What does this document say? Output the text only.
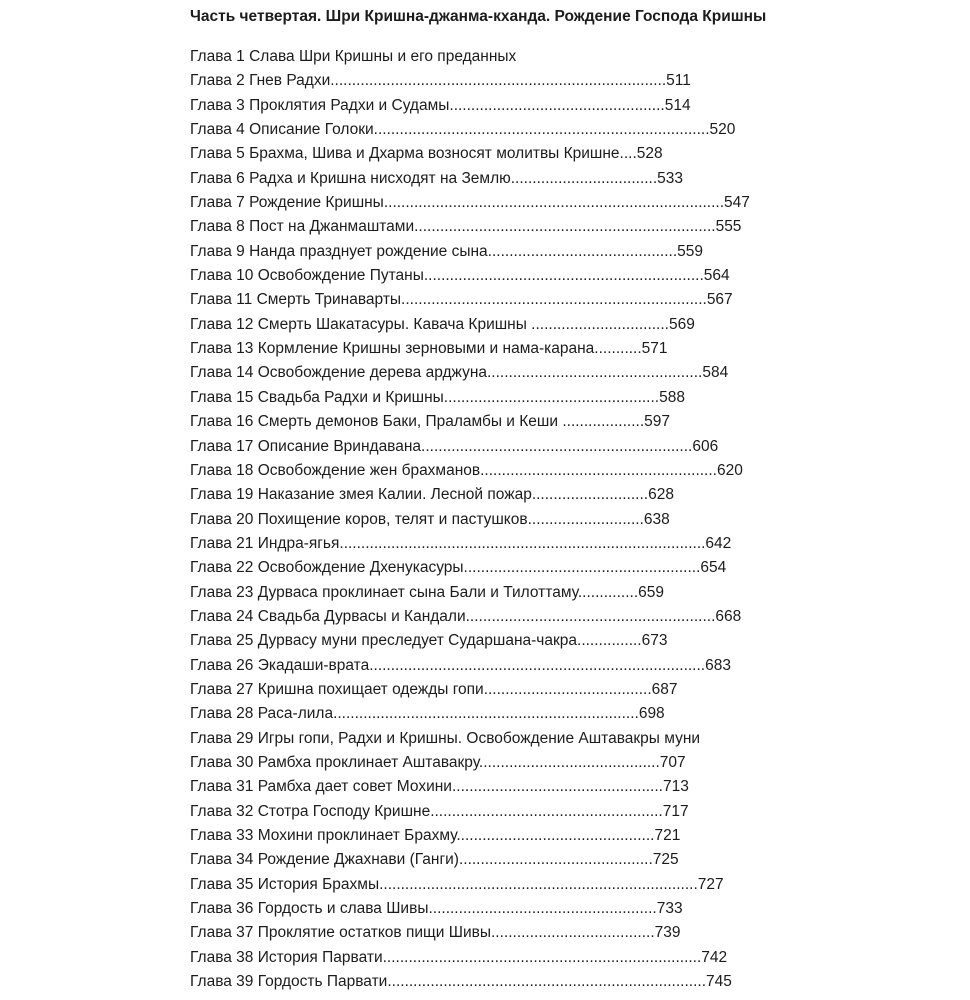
Часть четвертая. Шри Кришна-джанма-кханда. Рождение Господа Кришны
Глава 1 Слава Шри Кришны и его преданных
Глава 2 Гнев Радхи..............................................................................511
Глава 3 Проклятия Радхи и Судамы..................................................514
Глава 4 Описание Голоки..............................................................................520
Глава 5 Брахма, Шива и Дхарма возносят молитвы Кришне....528
Глава 6 Радха и Кришна нисходят на Землю..................................533
Глава 7 Рождение Кришны...............................................................................547
Глава 8 Пост на Джанмаштами......................................................................555
Глава 9 Нанда празднует рождение сына............................................559
Глава 10 Освобождение Путаны.................................................................564
Глава 11 Смерть Тринаварты.......................................................................567
Глава 12 Смерть Шакатасуры. Кавача Кришны ................................569
Глава 13 Кормление Кришны зерновыми и нама-карана...........571
Глава 14 Освобождение дерева арджуна..................................................584
Глава 15 Свадьба Радхи и Кришны..................................................588
Глава 16 Смерть демонов Баки, Праламбы и Кеши ...................597
Глава 17 Описание Вриндавана...............................................................606
Глава 18 Освобождение жен брахманов.......................................................620
Глава 19 Наказание змея Калии. Лесной пожар...........................628
Глава 20 Похищение коров, телят и пастушков...........................638
Глава 21 Индра-ягья.....................................................................................642
Глава 22 Освобождение Дхенукасуры.......................................................654
Глава 23 Дурваса проклинает сына Бали и Тилоттаму..............659
Глава 24 Свадьба Дурвасы и Кандали..........................................................668
Глава 25 Дурвасу муни преследует Сударшана-чакра...............673
Глава 26 Экадаши-врата..............................................................................683
Глава 27 Кришна похищает одежды гопи.......................................687
Глава 28 Раса-лила.......................................................................698
Глава 29 Игры гопи, Радхи и Кришны. Освобождение Аштавакры муни
Глава 30 Рамбха проклинает Аштавакру..........................................707
Глава 31 Рамбха дает совет Мохини.................................................713
Глава 32 Стотра Господу Кришне......................................................717
Глава 33 Мохини проклинает Брахму..............................................721
Глава 34 Рождение Джахнави (Ганги).............................................725
Глава 35 История Брахмы..........................................................................727
Глава 36 Гордость и слава Шивы.....................................................733
Глава 37 Проклятие остатков пищи Шивы......................................739
Глава 38 История Парвати..........................................................................742
Глава 39 Гордость Парвати..........................................................................745
